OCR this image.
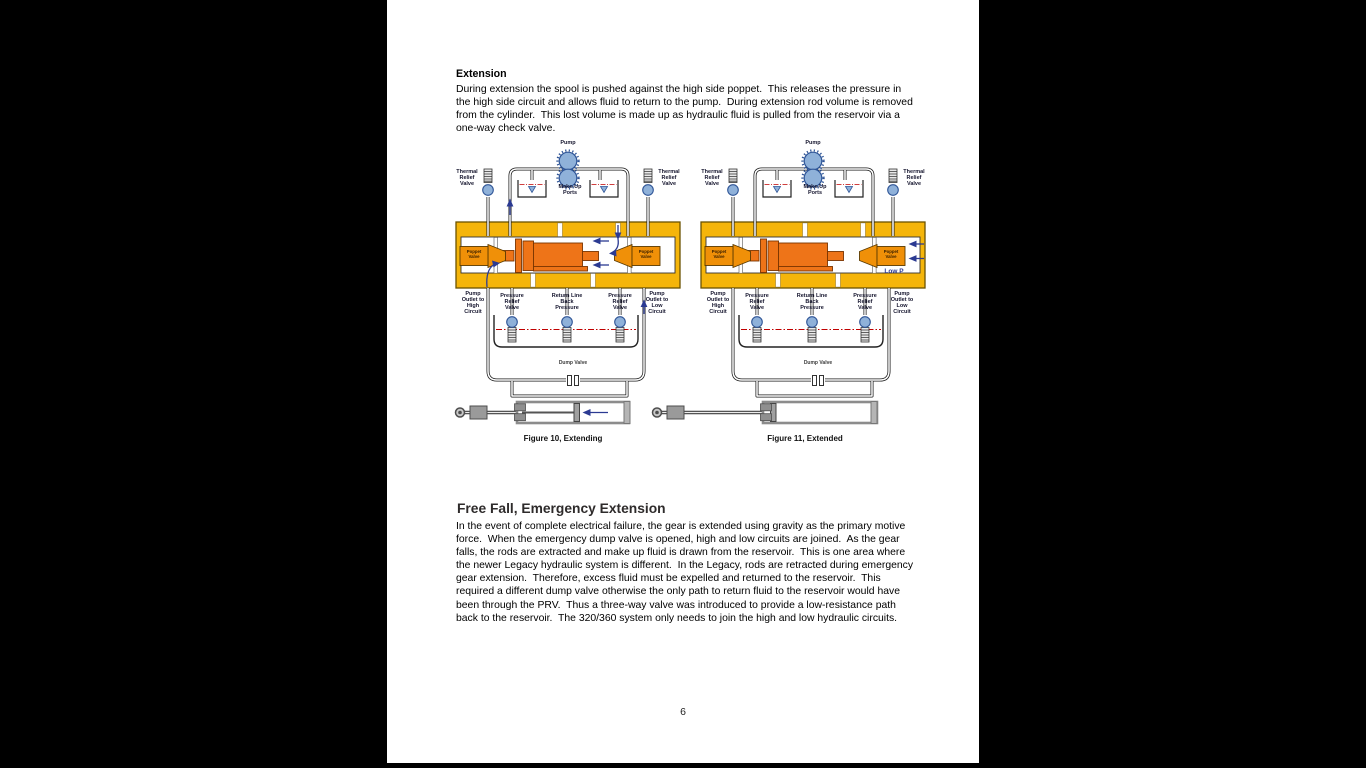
Extension
During extension the spool is pushed against the high side poppet.  This releases the pressure in the high side circuit and allows fluid to return to the pump.  During extension rod volume is removed from the cylinder.  This lost volume is made up as hydraulic fluid is pulled from the reservoir via a one-way check valve.
Pump
Thermal Relief Valve
Thermal Relief Valve
Make-Up Ports
Poppet Valve
Poppet Valve
Pump Outlet to High Circuit
Pressure Relief Valve
Return Line Back Pressure
Pressure Relief Valve
Pump Outlet to Low Circuit
Dump Valve
Pump
Thermal Relief Valve
Thermal Relief Valve
Make-Up Ports
Poppet Valve
Poppet Valve
Low P
Pump Outlet to High Circuit
Pressure Relief Valve
Return Line Back Pressure
Pressure Relief Valve
Pump Outlet to Low Circuit
Dump Valve
Figure 10, Extending	Figure 11, Extended
Free Fall, Emergency Extension
In the event of complete electrical failure, the gear is extended using gravity as the primary motive force.  When the emergency dump valve is opened, high and low circuits are joined.  As the gear falls, the rods are extracted and make up fluid is drawn from the reservoir.  This is one area where the newer Legacy hydraulic system is different.  In the Legacy, rods are retracted during emergency gear extension.  Therefore, excess fluid must be expelled and returned to the reservoir.  This required a different dump valve otherwise the only path to return fluid to the reservoir would have been through the PRV.  Thus a three-way valve was introduced to provide a low-resistance path back to the reservoir.  The 320/360 system only needs to join the high and low hydraulic circuits.
6
